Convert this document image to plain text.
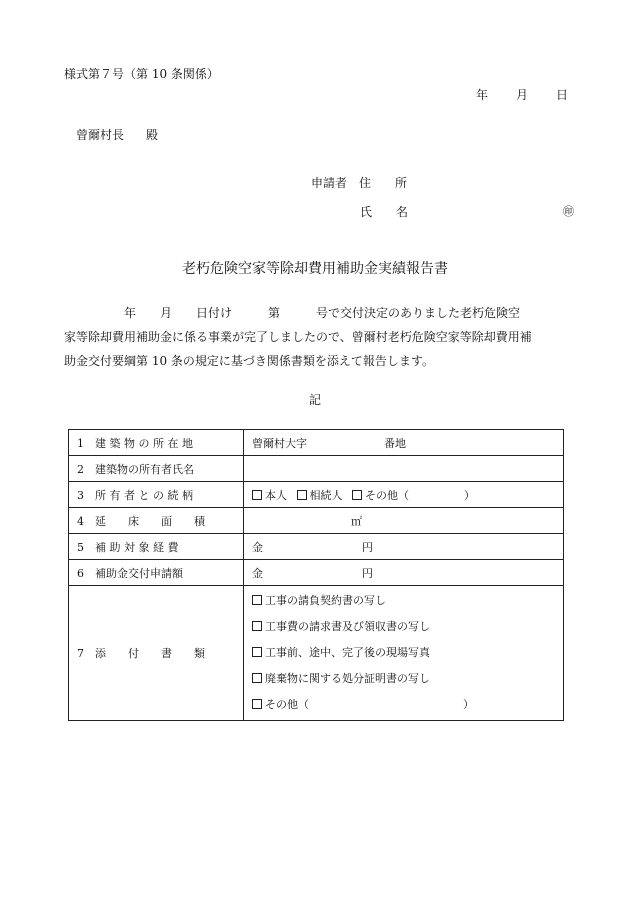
様式第７号（第 10 条関係）
年 月 日
曾爾村長 殿
申請者 住　　所
氏　　名	㊞
老朽危険空家等除却費用補助金実績報告書

　　　　　年　　月　　日付け　　　第　　　号で交付決定のありました老朽危険空

家等除却費用補助金に係る事業が完了しましたので、曾爾村老朽危険空家等除却費用補

助金交付要綱第 10 条の規定に基づき関係書類を添えて報告します。

記
1　建 築 物 の 所 在 地	曾爾村大字　　　　　　　番地
2　建築物の所有者氏名	
3　所 有 者 と の 続 柄	本人 相続人 その他（　　　　　）
4　延　　床　　面　　積	　　　　　　　　　㎡
5　補 助 対 象 経 費	金　　　　　　　　　円
6　補助金交付申請額	金　　　　　　　　　円
7　添　　付　　書　　類	工事の請負契約書の写し
工事費の請求書及び領収書の写し
工事前、途中、完了後の現場写真
廃棄物に関する処分証明書の写し
その他（　　　　　　　　　　　　　　）
